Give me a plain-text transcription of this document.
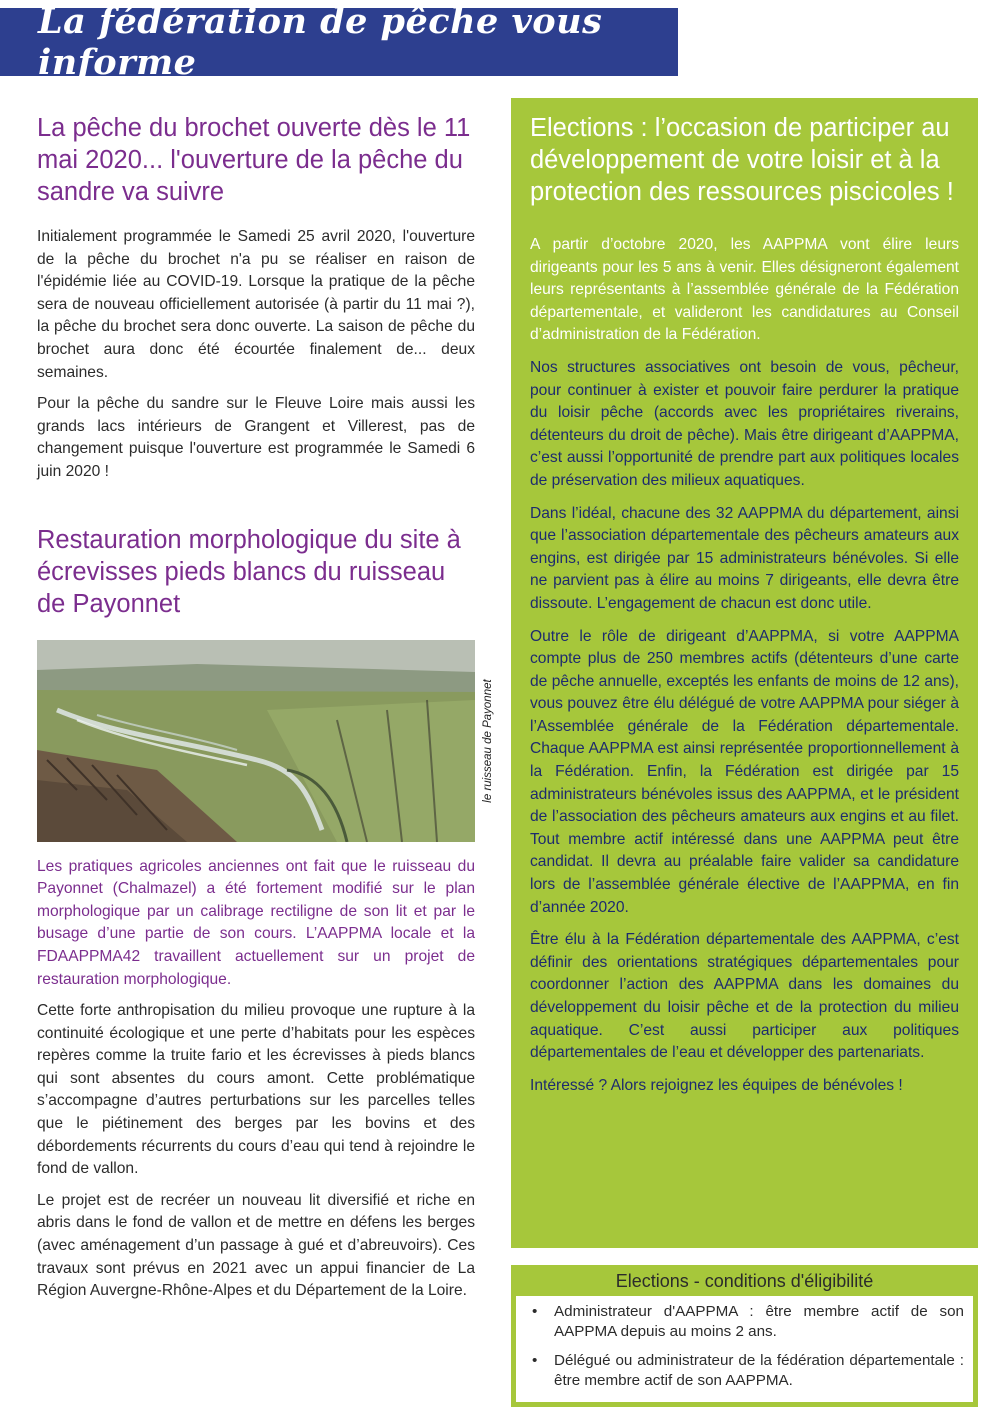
La fédération de pêche vous informe
La pêche du brochet ouverte dès le 11 mai 2020... l'ouverture de la pêche du sandre va suivre

Initialement programmée le Samedi 25 avril 2020, l'ouverture de la pêche du brochet n'a pu se réaliser en raison de l'épidémie liée au COVID-19. Lorsque la pratique de la pêche sera de nouveau officiellement autorisée (à partir du 11 mai ?), la pêche du brochet sera donc ouverte. La saison de pêche du brochet aura donc été écourtée finalement de... deux semaines.

Pour la pêche du sandre sur le Fleuve Loire mais aussi les grands lacs intérieurs de Grangent et Villerest, pas de changement puisque l'ouverture est programmée le Samedi 6 juin 2020 !

Restauration morphologique du site à écrevisses pieds blancs du ruisseau de Payonnet
le ruisseau de Payonnet

Les pratiques agricoles anciennes ont fait que le ruisseau du Payonnet (Chalmazel) a été fortement modifié sur le plan morphologique par un calibrage rectiligne de son lit et par le busage d’une partie de son cours. L’AAPPMA locale et la FDAAPPMA42 travaillent actuellement sur un projet de restauration morphologique.

Cette forte anthropisation du milieu provoque une rupture à la continuité écologique et une perte d’habitats pour les espèces repères comme la truite fario et les écrevisses à pieds blancs qui sont absentes du cours amont. Cette problématique s’accompagne d’autres perturbations sur les parcelles telles que le piétinement des berges par les bovins et des débordements récurrents du cours d’eau qui tend à rejoindre le fond de vallon.

Le projet est de recréer un nouveau lit diversifié et riche en abris dans le fond de vallon et de mettre en défens les berges (avec aménagement d’un passage à gué et d’abreuvoirs). Ces travaux sont prévus en 2021 avec un appui financier de La Région Auvergne-Rhône-Alpes et du Département de la Loire.

Elections : l’occasion de participer au développement de votre loisir et à la protection des ressources piscicoles !

A partir d’octobre 2020, les AAPPMA vont élire leurs dirigeants pour les 5 ans à venir. Elles désigneront également leurs représentants à l’assemblée générale de la Fédération départementale, et valideront les candidatures au Conseil d’administration de la Fédération.

Nos structures associatives ont besoin de vous, pêcheur, pour continuer à exister et pouvoir faire perdurer la pratique du loisir pêche (accords avec les propriétaires riverains, détenteurs du droit de pêche). Mais être dirigeant d’AAPPMA, c’est aussi l’opportunité de prendre part aux politiques locales de préservation des milieux aquatiques.

Dans l’idéal, chacune des 32 AAPPMA du département, ainsi que l’association départementale des pêcheurs amateurs aux engins, est dirigée par 15 administrateurs bénévoles. Si elle ne parvient pas à élire au moins 7 dirigeants, elle devra être dissoute. L’engagement de chacun est donc utile.

Outre le rôle de dirigeant d’AAPPMA, si votre AAPPMA compte plus de 250 membres actifs (détenteurs d’une carte de pêche annuelle, exceptés les enfants de moins de 12 ans), vous pouvez être élu délégué de votre AAPPMA pour siéger à l’Assemblée générale de la Fédération départementale. Chaque AAPPMA est ainsi représentée proportionnellement à la Fédération. Enfin, la Fédération est dirigée par 15 administrateurs bénévoles issus des AAPPMA, et le président de l’association des pêcheurs amateurs aux engins et au filet. Tout membre actif intéressé dans une AAPPMA peut être candidat. Il devra au préalable faire valider sa candidature lors de l’assemblée générale élective de l’AAPPMA, en fin d’année 2020.

Être élu à la Fédération départementale des AAPPMA, c’est définir des orientations stratégiques départementales pour coordonner l’action des AAPPMA dans les domaines du développement du loisir pêche et de la protection du milieu aquatique. C’est aussi participer aux politiques départementales de l’eau et développer des partenariats.

Intéressé ? Alors rejoignez les équipes de bénévoles !

Elections - conditions d'éligibilité
• Administrateur d'AAPPMA : être membre actif de son AAPPMA depuis au moins 2 ans.
• Délégué ou administrateur de la fédération départementale : être membre actif de son AAPPMA.
